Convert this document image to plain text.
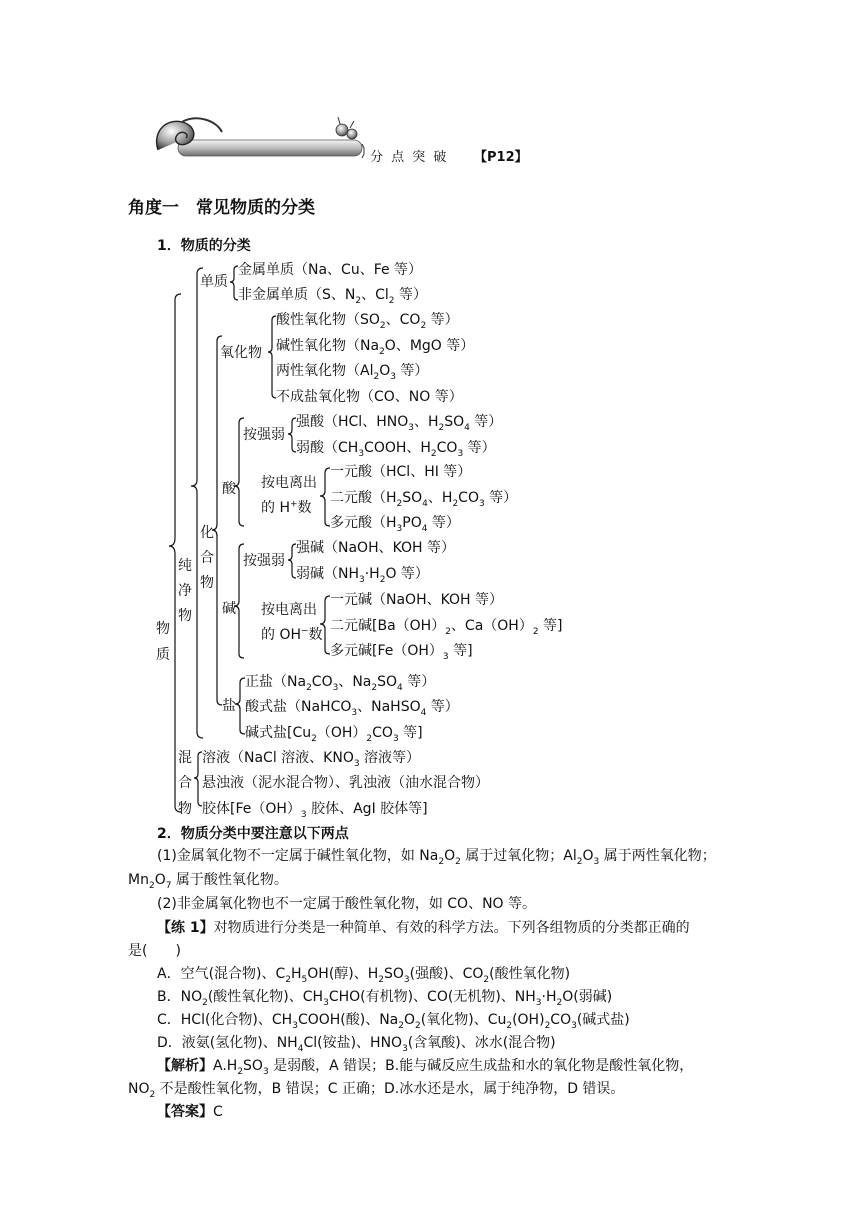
分 点 突 破 【P12】
角度一　常见物质的分类
1．物质的分类
物
质
纯
净
物
单质
金属单质（Na、Cu、Fe 等）
非金属单质（S、$N_2$、$Cl_2$ 等）
化
合
物
氧化物
酸性氧化物（$SO_2$、$CO_2$ 等）
碱性氧化物（$Na_2O$、MgO 等）
两性氧化物（$Al_2O_3$ 等）
不成盐氧化物（CO、NO 等）
酸
按强弱
强酸（HCl、$HNO_3$、$H_2SO_4$ 等）
弱酸（$CH_3COOH$、$H_2CO_3$ 等）
按电离出
的 H+数
一元酸（HCl、HI 等）
二元酸（$H_2SO_4$、$H_2CO_3$ 等）
多元酸（$H_3PO_4$ 等）
碱
按强弱
强碱（NaOH、KOH 等）
弱碱（$NH_3\cdot H_2O$ 等）
按电离出
的 OH−数
一元碱（NaOH、KOH 等）
二元碱[$Ba(OH)_2$、$Ca(OH)_2$ 等]
多元碱[$Fe(OH)_3$ 等]
盐
正盐（$Na_2CO_3$、$Na_2SO_4$ 等）
酸式盐（NaHCO$_3$、NaHSO$_4$ 等）
碱式盐[$Cu_2(OH)_2CO_3$ 等]
混
合
物
溶液（NaCl 溶液、$KNO_3$ 溶液等）
悬浊液（泥水混合物）、乳浊液（油水混合物）
胶体[$Fe(OH)_3$ 胶体、AgI 胶体等]
2．物质分类中要注意以下两点
(1)金属氧化物不一定属于碱性氧化物，如 $Na_2O_2$ 属于过氧化物；$Al_2O_3$ 属于两性氧化物；
$Mn_2O_7$ 属于酸性氧化物。
(2)非金属氧化物也不一定属于酸性氧化物，如 CO、NO 等。
【练 1】对物质进行分类是一种简单、有效的科学方法。下列各组物质的分类都正确的
是(　　)
A．空气(混合物)、$C_2H_5OH$(醇)、$H_2SO_3$(强酸)、$CO_2$(酸性氧化物)
B．$NO_2$(酸性氧化物)、$CH_3CHO$(有机物)、CO(无机物)、$NH_3\cdot H_2O$(弱碱)
C．HCl(化合物)、$CH_3COOH$(酸)、$Na_2O_2$(氧化物)、$Cu_2(OH)_2CO_3$(碱式盐)
D．液氨(氢化物)、$NH_4Cl$(铵盐)、$HNO_3$(含氧酸)、冰水(混合物)
【解析】$A.H_2SO_3$ 是弱酸，A 错误；B.能与碱反应生成盐和水的氧化物是酸性氧化物，
$NO_2$ 不是酸性氧化物，B 错误；C 正确；D.冰水还是水，属于纯净物，D 错误。
【答案】C
